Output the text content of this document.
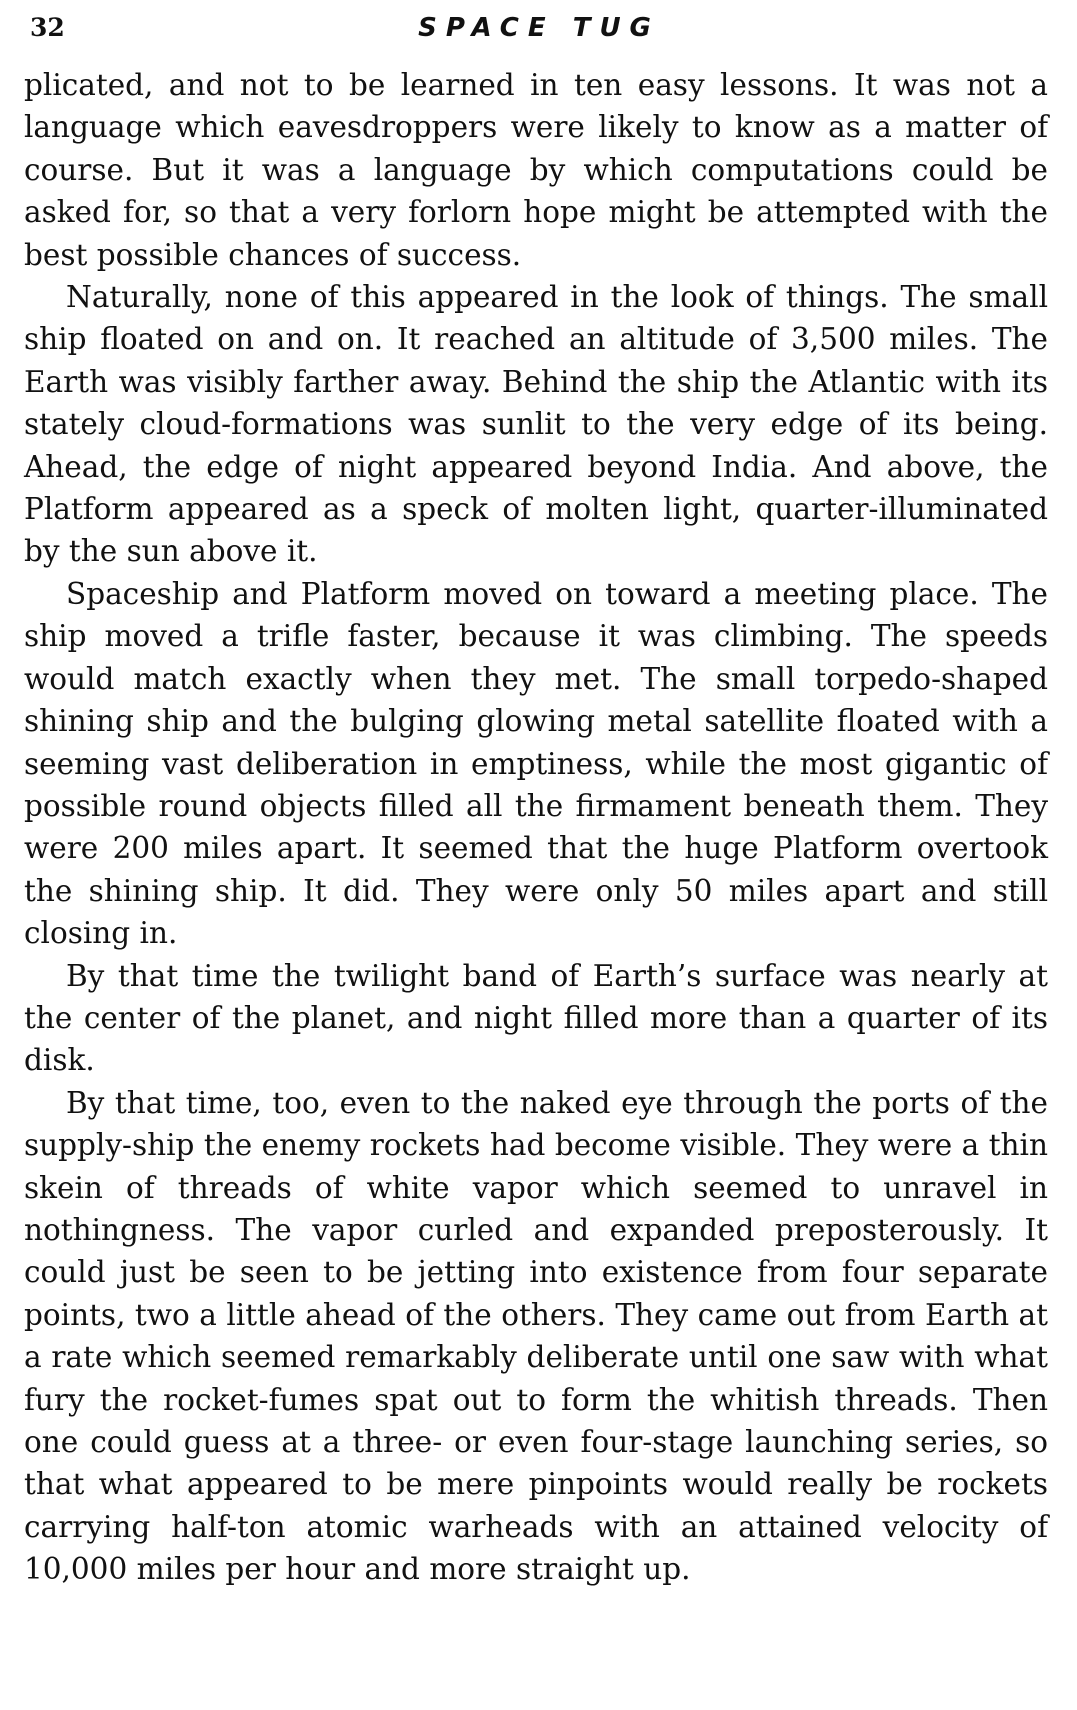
32	SPACE TUG

plicated, and not to be learned in ten easy lessons. It was not a language which eavesdroppers were likely to know as a matter of course. But it was a language by which computations could be asked for, so that a very forlorn hope might be attempted with the best possible chances of success.

Naturally, none of this appeared in the look of things. The small ship floated on and on. It reached an altitude of 3,500 miles. The Earth was visibly farther away. Behind the ship the Atlantic with its stately cloud-formations was sunlit to the very edge of its being. Ahead, the edge of night appeared beyond India. And above, the Platform appeared as a speck of molten light, quarter-illuminated by the sun above it.

Spaceship and Platform moved on toward a meeting place. The ship moved a trifle faster, because it was climbing. The speeds would match exactly when they met. The small torpedo-shaped shining ship and the bulging glowing metal satellite floated with a seeming vast deliberation in emptiness, while the most gigantic of possible round objects filled all the firmament beneath them. They were 200 miles apart. It seemed that the huge Platform overtook the shining ship. It did. They were only 50 miles apart and still closing in.

By that time the twilight band of Earth’s surface was nearly at the center of the planet, and night filled more than a quarter of its disk.

By that time, too, even to the naked eye through the ports of the supply-ship the enemy rockets had become visible. They were a thin skein of threads of white vapor which seemed to unravel in nothingness. The vapor curled and expanded preposterously. It could just be seen to be jetting into existence from four separate points, two a little ahead of the others. They came out from Earth at a rate which seemed remarkably deliberate until one saw with what fury the rocket-fumes spat out to form the whitish threads. Then one could guess at a three- or even four-stage launching series, so that what appeared to be mere pinpoints would really be rockets carrying half-ton atomic warheads with an attained velocity of 10,000 miles per hour and more straight up.
